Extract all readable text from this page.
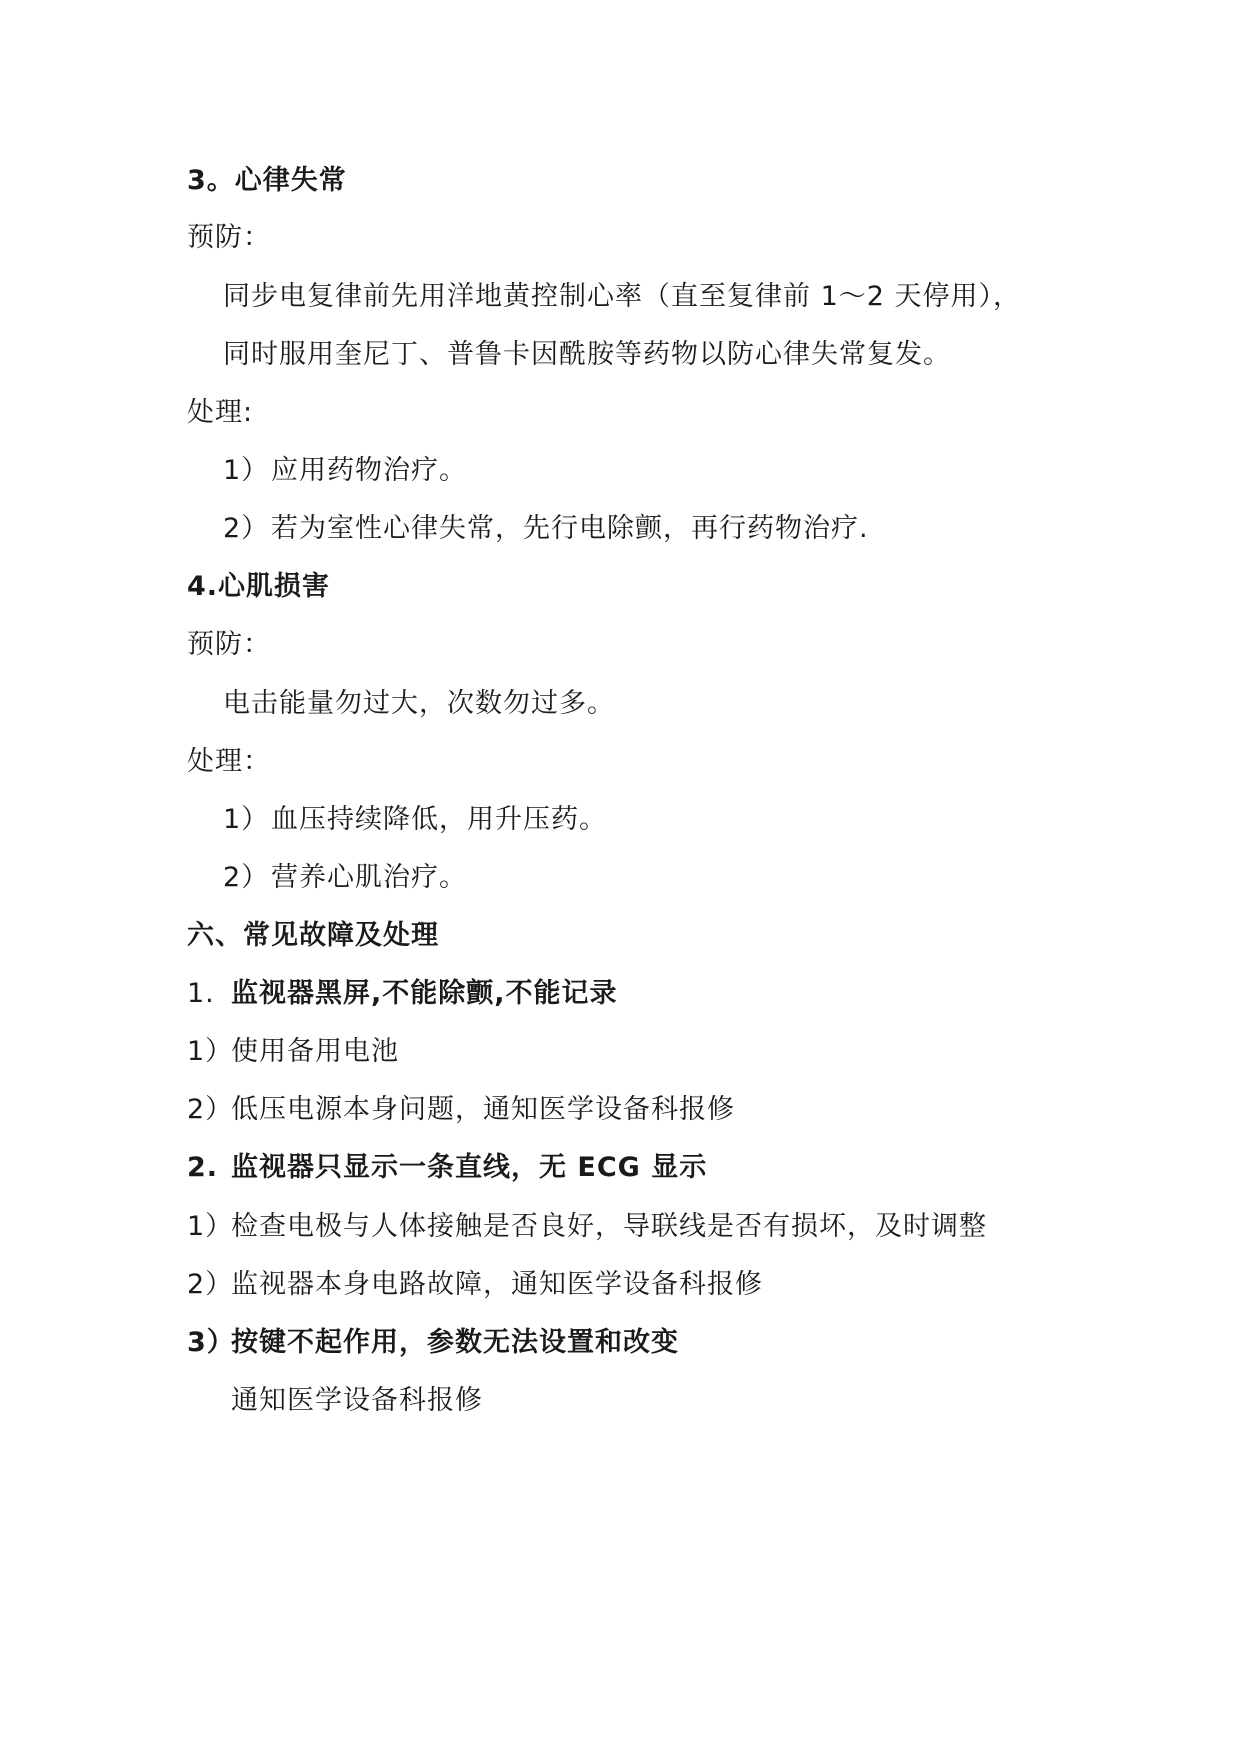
3。心律失常
预防：
同步电复律前先用洋地黄控制心率（直至复律前 1～2 天停用），
同时服用奎尼丁、普鲁卡因酰胺等药物以防心律失常复发。
处理:
1）应用药物治疗。
2）若为室性心律失常，先行电除颤，再行药物治疗.
4.心肌损害
预防：
电击能量勿过大，次数勿过多。
处理：
1）血压持续降低，用升压药。
2）营养心肌治疗。
六、常见故障及处理
1. 监视器黑屏,不能除颤,不能记录
1）使用备用电池
2）低压电源本身问题，通知医学设备科报修
2. 监视器只显示一条直线，无 ECG 显示
1）检查电极与人体接触是否良好，导联线是否有损坏，及时调整
2）监视器本身电路故障，通知医学设备科报修
3）按键不起作用，参数无法设置和改变
通知医学设备科报修
